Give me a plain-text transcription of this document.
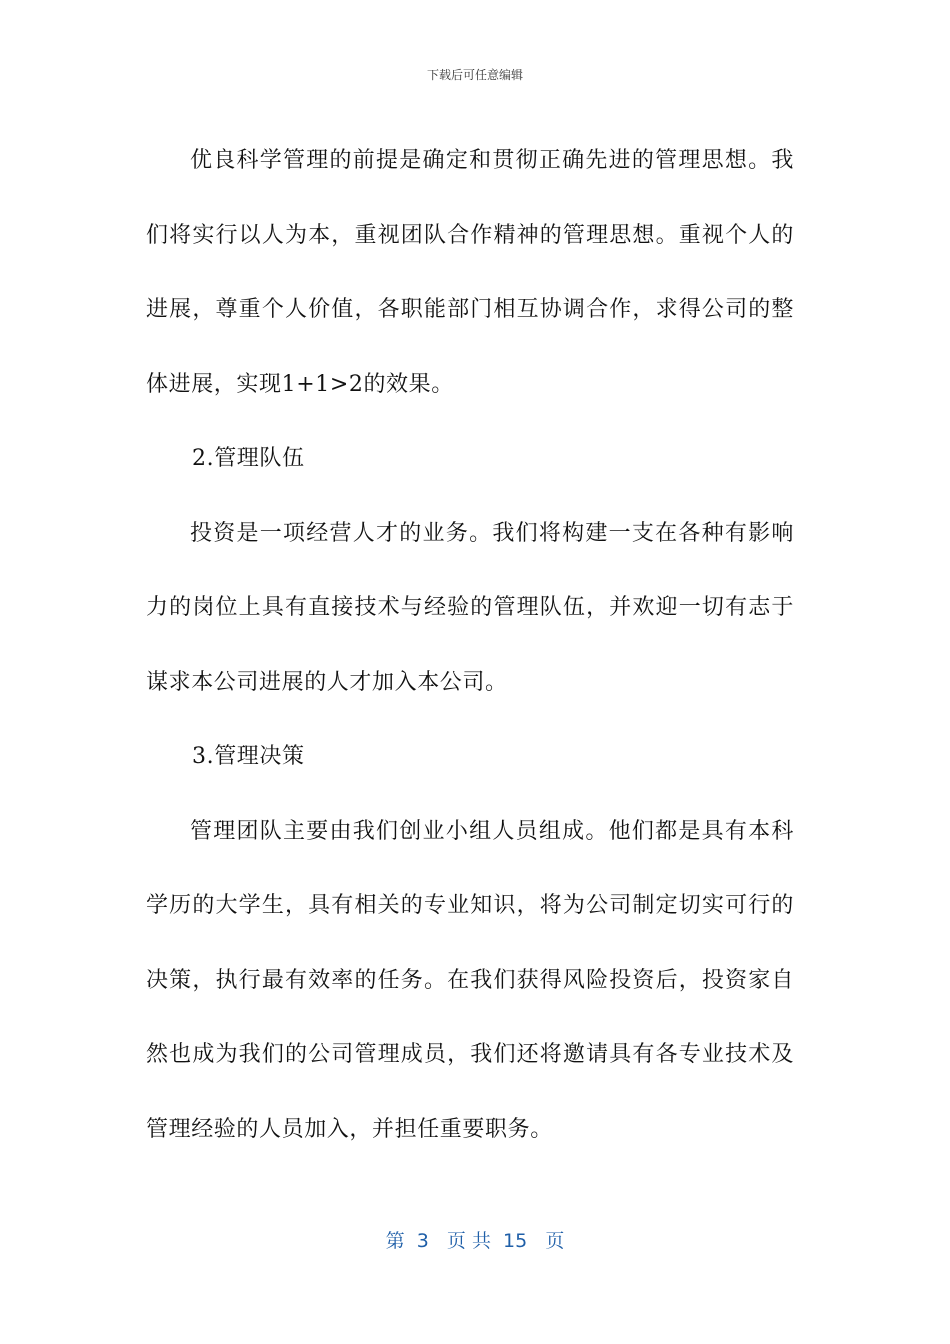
下载后可任意编辑

优良科学管理的前提是确定和贯彻正确先进的管理思想。我们将实行以人为本，重视团队合作精神的管理思想。重视个人的进展，尊重个人价值，各职能部门相互协调合作，求得公司的整体进展，实现1+1>2的效果。

2.管理队伍

投资是一项经营人才的业务。我们将构建一支在各种有影响力的岗位上具有直接技术与经验的管理队伍，并欢迎一切有志于谋求本公司进展的人才加入本公司。

3.管理决策

管理团队主要由我们创业小组人员组成。他们都是具有本科学历的大学生，具有相关的专业知识，将为公司制定切实可行的决策，执行最有效率的任务。在我们获得风险投资后，投资家自然也成为我们的公司管理成员，我们还将邀请具有各专业技术及管理经验的人员加入，并担任重要职务。

第  3   页 共  15   页
